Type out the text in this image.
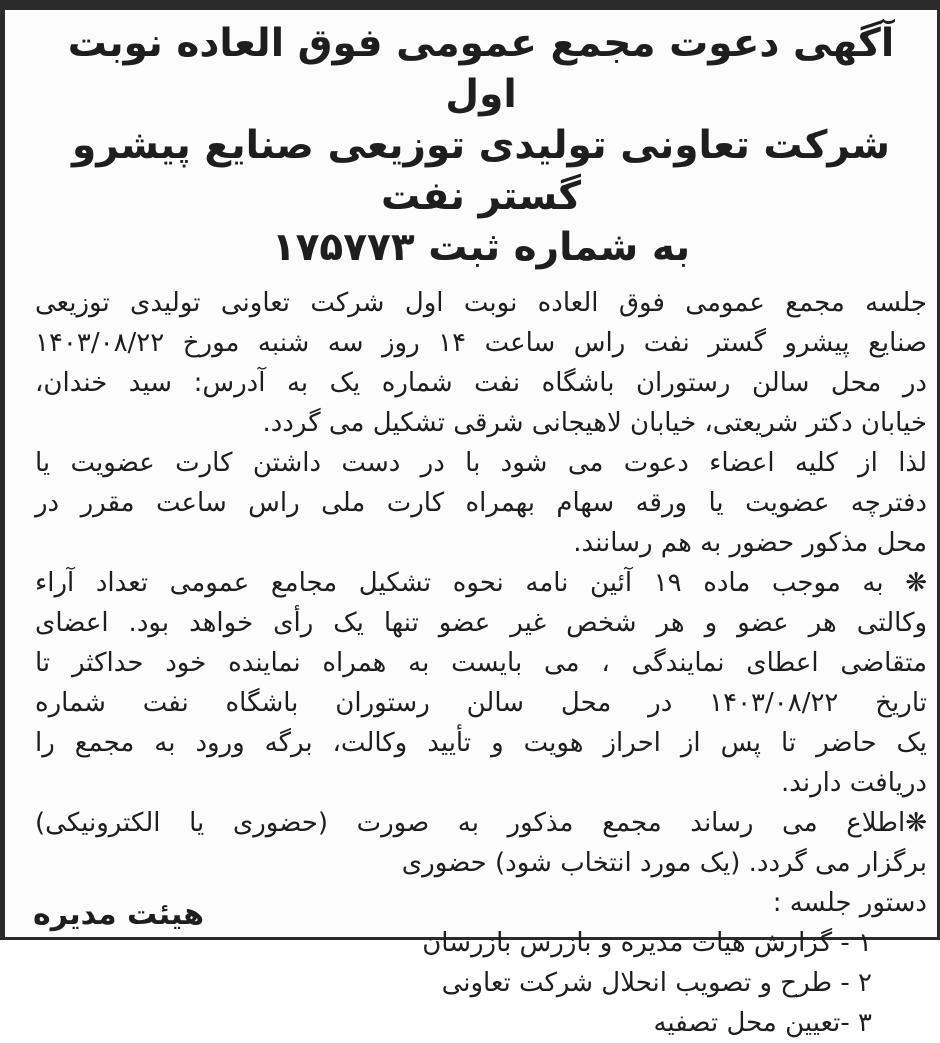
آگهی دعوت مجمع عمومی فوق العاده نوبت اول
شرکت تعاونی تولیدی توزیعی صنایع پیشرو گستر نفت
به شماره ثبت ۱۷۵۷۷۳
جلسه مجمع عمومی فوق العاده نوبت اول شرکت تعاونی تولیدی توزیعی
صنایع پیشرو گستر نفت راس ساعت ۱۴ روز سه شنبه مورخ ۱۴۰۳/۰۸/۲۲
در محل سالن رستوران باشگاه نفت شماره یک به آدرس: سید خندان،
خیابان دکتر شریعتی، خیابان لاهیجانی شرقی تشکیل می گردد.
لذا از کلیه اعضاء دعوت می شود با در دست داشتن کارت عضویت یا
دفترچه عضویت یا ورقه سهام بهمراه کارت ملی راس ساعت مقرر در
محل مذکور حضور به هم رسانند.
❋ به موجب ماده ۱۹ آئین نامه نحوه تشکیل مجامع عمومی تعداد آراء
وکالتی هر عضو و هر شخص غیر عضو تنها یک رأی خواهد بود. اعضای
متقاضی اعطای نمایندگی ، می بایست به همراه نماینده خود حداکثر تا
تاریخ ۱۴۰۳/۰۸/۲۲ در محل سالن رستوران باشگاه نفت شماره
یک حاضر تا پس از احراز هویت و تأیید وکالت، برگه ورود به مجمع را
دریافت دارند.
❋اطلاع می رساند مجمع مذکور به صورت (حضوری یا الکترونیکی)
برگزار می گردد. (یک مورد انتخاب شود) حضوری
دستور جلسه :
۱ - گزارش هیات مدیره و بازرس بازرسان
۲ - طرح و تصویب انحلال شرکت تعاونی
۳ -تعیین محل تصفیه
هیئت مدیره
